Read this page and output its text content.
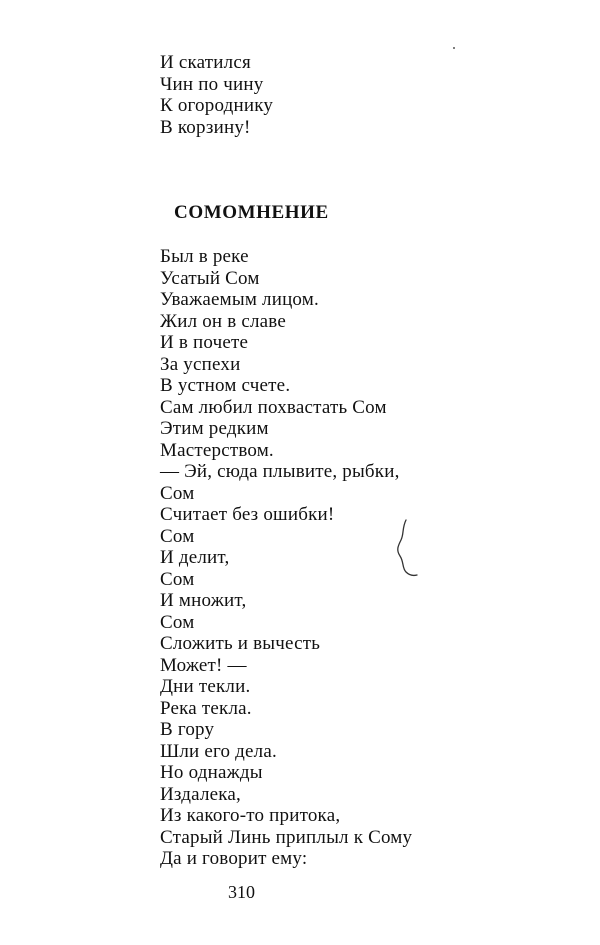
И скатился
Чин по чину
К огороднику
В корзину!
СОМОМНЕНИЕ
Был в реке
Усатый Сом
Уважаемым лицом.
Жил он в славе
И в почете
За успехи
В устном счете.
Сам любил похвастать Сом
Этим редким
Мастерством.
— Эй, сюда плывите, рыбки,
Сом
Считает без ошибки!
Сом
И делит,
Сом
И множит,
Сом
Сложить и вычесть
Может! —
Дни текли.
Река текла.
В гору
Шли его дела.
Но однажды
Издалека,
Из какого-то притока,
Старый Линь приплыл к Сому
Да и говорит ему:
310
